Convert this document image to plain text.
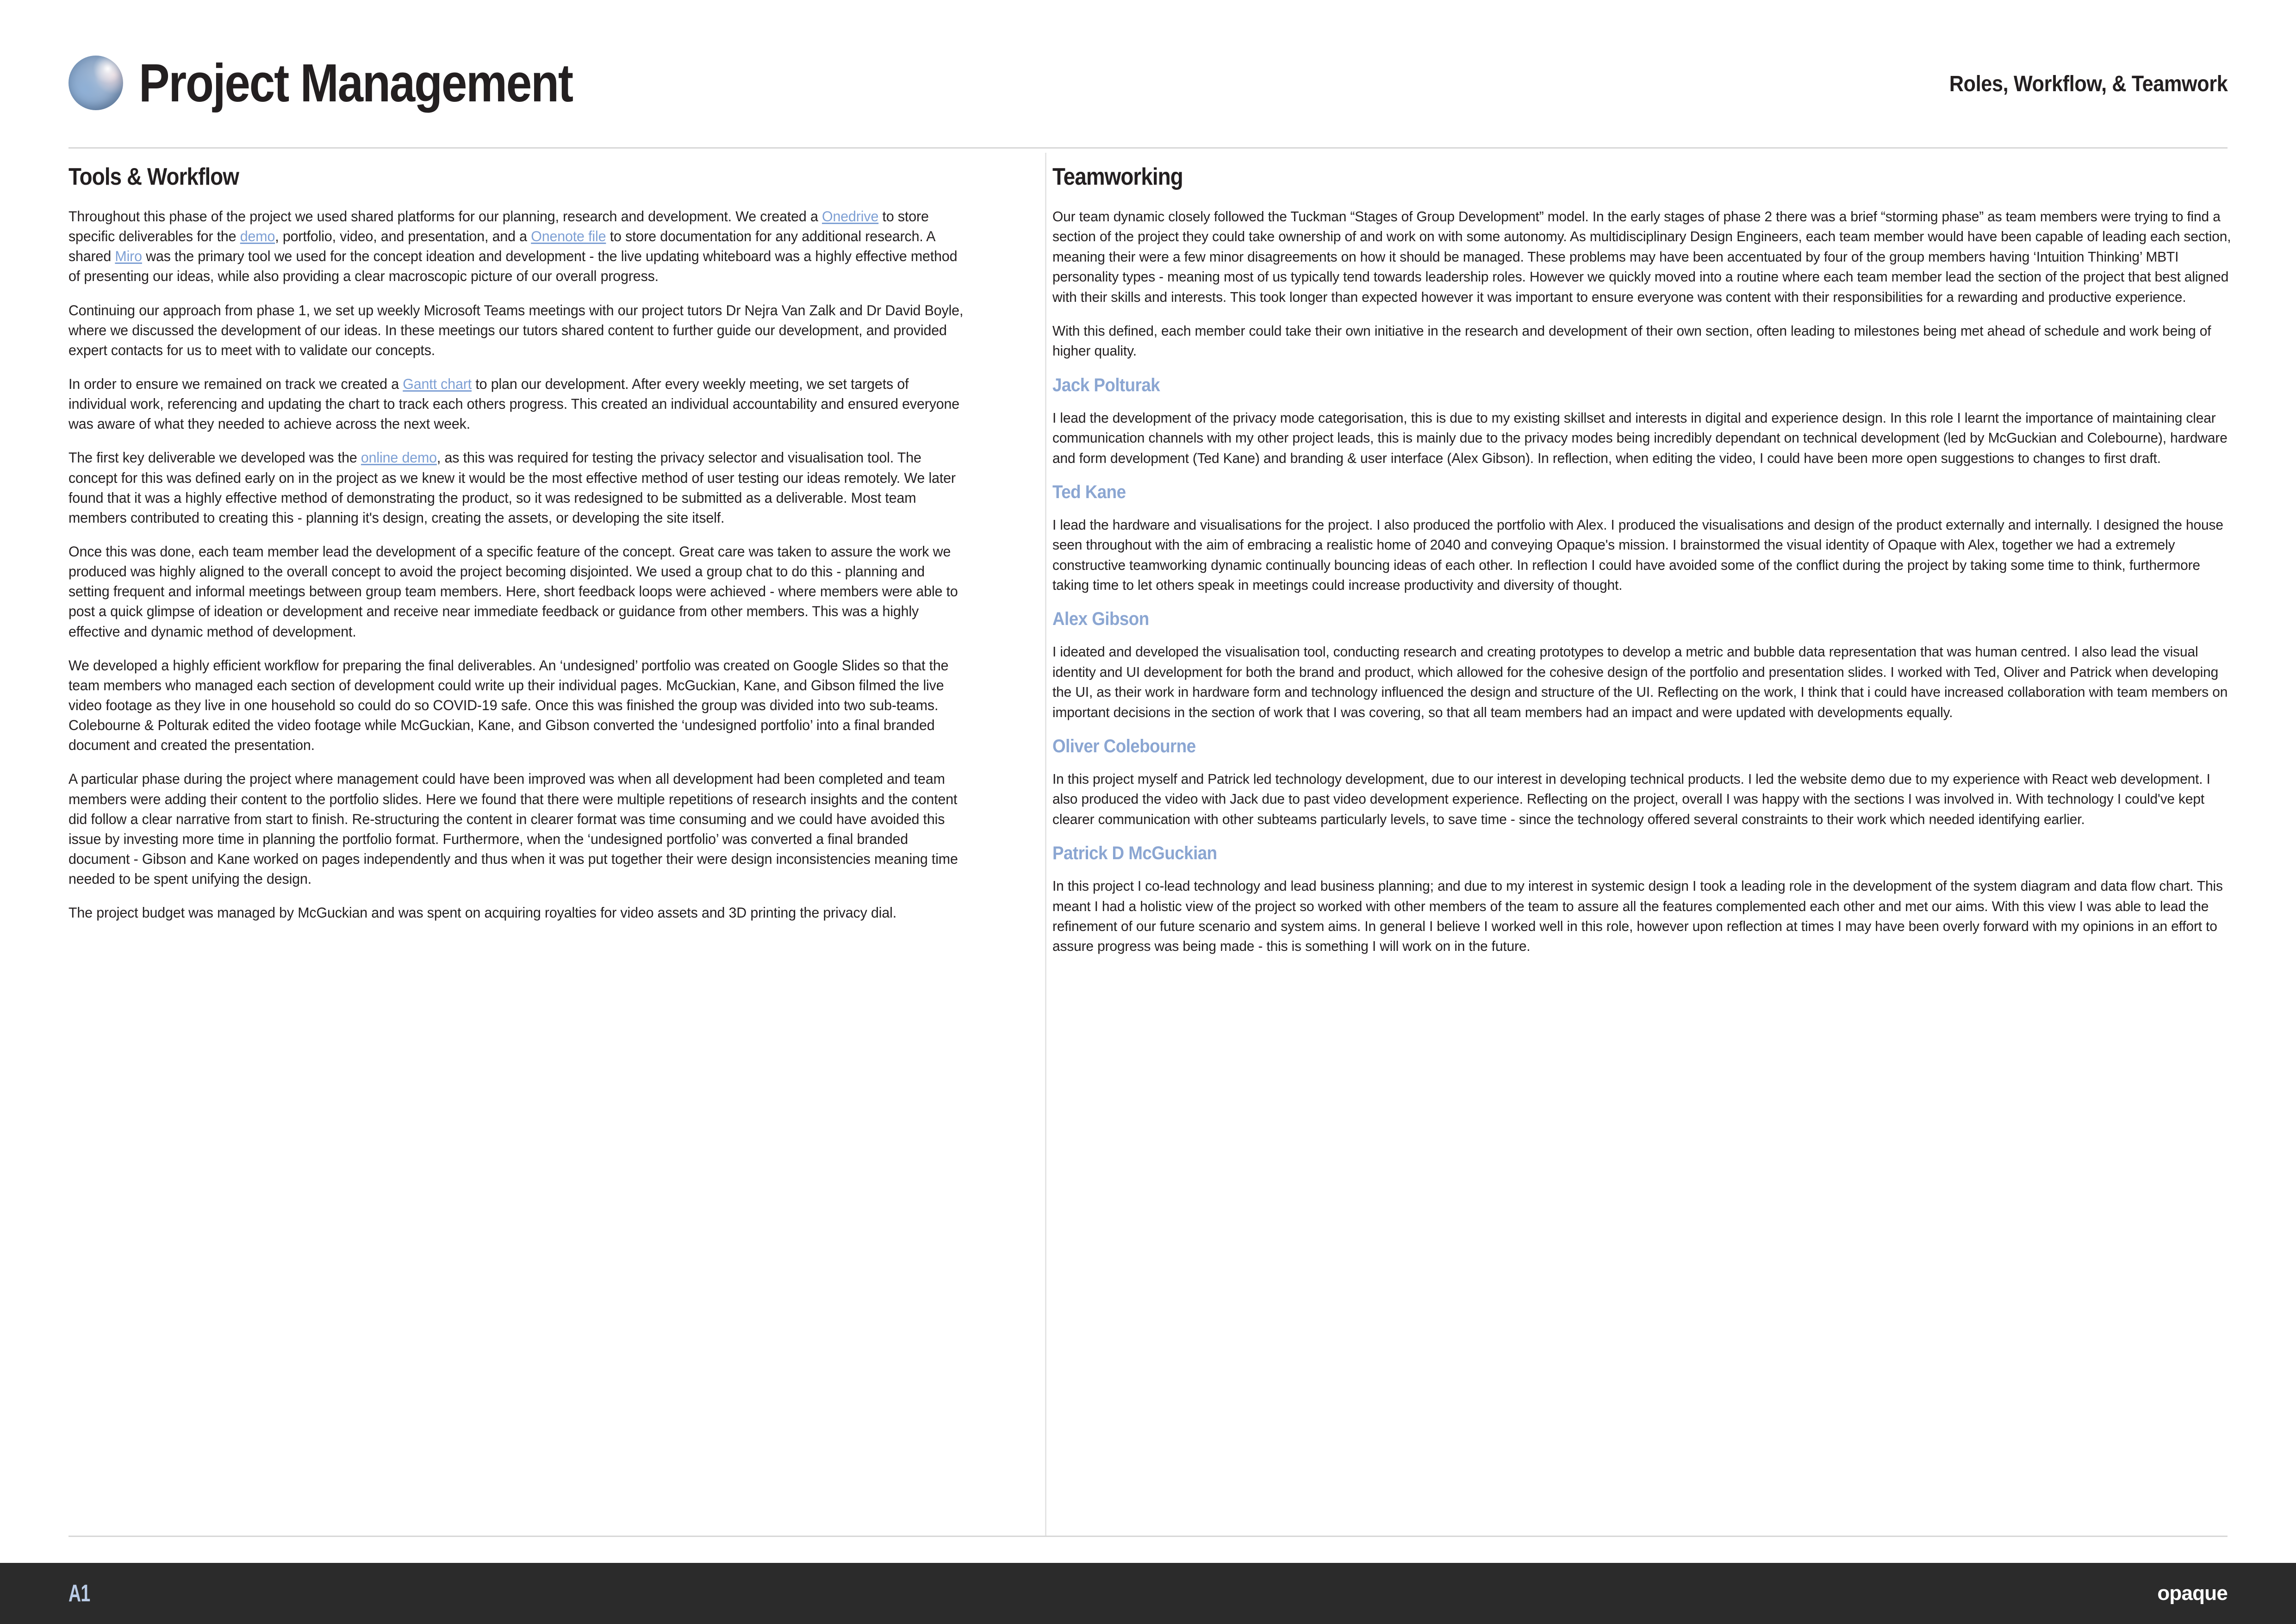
Project Management	Roles, Workflow, & Teamwork
Tools & Workflow

Throughout this phase of the project we used shared platforms for our planning, research and development. We created a Onedrive to store specific deliverables for the demo, portfolio, video, and presentation, and a Onenote file to store documentation for any additional research. A shared Miro was the primary tool we used for the concept ideation and development - the live updating whiteboard was a highly effective method of presenting our ideas, while also providing a clear macroscopic picture of our overall progress.

Continuing our approach from phase 1, we set up weekly Microsoft Teams meetings with our project tutors Dr Nejra Van Zalk and Dr David Boyle, where we discussed the development of our ideas. In these meetings our tutors shared content to further guide our development, and provided expert contacts for us to meet with to validate our concepts.

In order to ensure we remained on track we created a Gantt chart to plan our development. After every weekly meeting, we set targets of individual work, referencing and updating the chart to track each others progress. This created an individual accountability and ensured everyone was aware of what they needed to achieve across the next week.

The first key deliverable we developed was the online demo, as this was required for testing the privacy selector and visualisation tool. The concept for this was defined early on in the project as we knew it would be the most effective method of user testing our ideas remotely. We later found that it was a highly effective method of demonstrating the product, so it was redesigned to be submitted as a deliverable. Most team members contributed to creating this - planning it's design, creating the assets, or developing the site itself.

Once this was done, each team member lead the development of a specific feature of the concept. Great care was taken to assure the work we produced was highly aligned to the overall concept to avoid the project becoming disjointed. We used a group chat to do this - planning and setting frequent and informal meetings between group team members. Here, short feedback loops were achieved - where members were able to post a quick glimpse of ideation or development and receive near immediate feedback or guidance from other members. This was a highly effective and dynamic method of development.

We developed a highly efficient workflow for preparing the final deliverables. An ‘undesigned’ portfolio was created on Google Slides so that the team members who managed each section of development could write up their individual pages. McGuckian, Kane, and Gibson filmed the live video footage as they live in one household so could do so COVID-19 safe. Once this was finished the group was divided into two sub-teams. Colebourne & Polturak edited the video footage while McGuckian, Kane, and Gibson converted the ‘undesigned portfolio’ into a final branded document and created the presentation.

A particular phase during the project where management could have been improved was when all development had been completed and team members were adding their content to the portfolio slides. Here we found that there were multiple repetitions of research insights and the content did follow a clear narrative from start to finish. Re-structuring the content in clearer format was time consuming and we could have avoided this issue by investing more time in planning the portfolio format. Furthermore, when the ‘undesigned portfolio’ was converted a final branded document - Gibson and Kane worked on pages independently and thus when it was put together their were design inconsistencies meaning time needed to be spent unifying the design.

The project budget was managed by McGuckian and was spent on acquiring royalties for video assets and 3D printing the privacy dial.

Teamworking

Our team dynamic closely followed the Tuckman “Stages of Group Development” model. In the early stages of phase 2 there was a brief “storming phase” as team members were trying to find a section of the project they could take ownership of and work on with some autonomy. As multidisciplinary Design Engineers, each team member would have been capable of leading each section, meaning their were a few minor disagreements on how it should be managed. These problems may have been accentuated by four of the group members having ‘Intuition Thinking’ MBTI personality types - meaning most of us typically tend towards leadership roles. However we quickly moved into a routine where each team member lead the section of the project that best aligned with their skills and interests. This took longer than expected however it was important to ensure everyone was content with their responsibilities for a rewarding and productive experience.

With this defined, each member could take their own initiative in the research and development of their own section, often leading to milestones being met ahead of schedule and work being of higher quality.

Jack Polturak

I lead the development of the privacy mode categorisation, this is due to my existing skillset and interests in digital and experience design. In this role I learnt the importance of maintaining clear communication channels with my other project leads, this is mainly due to the privacy modes being incredibly dependant on technical development (led by McGuckian and Colebourne), hardware and form development (Ted Kane) and branding & user interface (Alex Gibson). In reflection, when editing the video, I could have been more open suggestions to changes to first draft.

Ted Kane

I lead the hardware and visualisations for the project. I also produced the portfolio with Alex. I produced the visualisations and design of the product externally and internally. I designed the house seen throughout with the aim of embracing a realistic home of 2040 and conveying Opaque's mission. I brainstormed the visual identity of Opaque with Alex, together we had a extremely constructive teamworking dynamic continually bouncing ideas of each other. In reflection I could have avoided some of the conflict during the project by taking some time to think, furthermore taking time to let others speak in meetings could increase productivity and diversity of thought.

Alex Gibson

I ideated and developed the visualisation tool, conducting research and creating prototypes to develop a metric and bubble data representation that was human centred. I also lead the visual identity and UI development for both the brand and product, which allowed for the cohesive design of the portfolio and presentation slides. I worked with Ted, Oliver and Patrick when developing the UI, as their work in hardware form and technology influenced the design and structure of the UI. Reflecting on the work, I think that i could have increased collaboration with team members on important decisions in the section of work that I was covering, so that all team members had an impact and were updated with developments equally.

Oliver Colebourne

In this project myself and Patrick led technology development, due to our interest in developing technical products. I led the website demo due to my experience with React web development. I also produced the video with Jack due to past video development experience. Reflecting on the project, overall I was happy with the sections I was involved in. With technology I could've kept clearer communication with other subteams particularly levels, to save time - since the technology offered several constraints to their work which needed identifying earlier.

Patrick D McGuckian

In this project I co-lead technology and lead business planning; and due to my interest in systemic design I took a leading role in the development of the system diagram and data flow chart. This meant I had a holistic view of the project so worked with other members of the team to assure all the features complemented each other and met our aims. With this view I was able to lead the refinement of our future scenario and system aims. In general I believe I worked well in this role, however upon reflection at times I may have been overly forward with my opinions in an effort to assure progress was being made - this is something I will work on in the future.

A1	opaque
